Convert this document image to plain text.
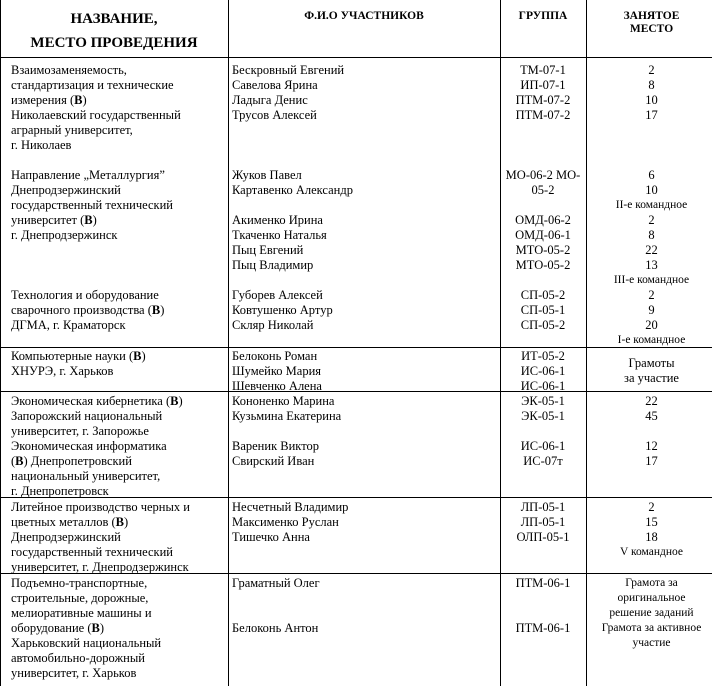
НАЗВАНИЕ,
МЕСТО ПРОВЕДЕНИЯ
Ф.И.О УЧАСТНИКОВ	ГРУППА	ЗАНЯТОЕ
МЕСТО
Взаимозаменяемость,
стандартизация и технические
измерения (В)
Николаевский государственный
аграрный университет,
г. Николаев
Направление „Металлургия”
Днепродзержинский
государственный технический
университет (В)
г. Днепродзержинск
Технология и оборудование
сварочного производства (В)
ДГМА, г. Краматорск
Бескровный Евгений
Савелова Ярина
Ладыга Денис
Трусов Алексей
Жуков Павел
Картавенко Александр
Акименко Ирина
Ткаченко Наталья
Пыц Евгений
Пыц Владимир
Губорев Алексей
Ковтушенко Артур
Скляр Николай
ТМ-07-1
ИП-07-1
ПТМ-07-2
ПТМ-07-2
МО-06-2 МО-
05-2
ОМД-06-2
ОМД-06-1
МТО-05-2
МТО-05-2
СП-05-2
СП-05-1
СП-05-2
2
8
10
17
6
10
II-е командное
2
8
22
13
III-е командное
2
9
20
I-е командное
Компьютерные науки (В)
ХНУРЭ, г. Харьков
Белоконь Роман
Шумейко Мария
Шевченко Алена
ИТ-05-2
ИС-06-1
ИС-06-1
Грамоты
за участие
Экономическая кибернетика (В)
Запорожский национальный
университет, г. Запорожье
Экономическая информатика
(В) Днепропетровский
национальный университет,
г. Днепропетровск
Кононенко Марина
Кузьмина Екатерина
Вареник Виктор
Свирский Иван
ЭК-05-1
ЭК-05-1
ИС-06-1
ИС-07т
22
45
12
17
Литейное производство черных и
цветных металлов (В)
Днепродзержинский
государственный технический
университет, г. Днепродзержинск
Несчетный Владимир
Максименко Руслан
Тишечко Анна
ЛП-05-1
ЛП-05-1
ОЛП-05-1
2
15
18
V командное
Подъемно-транспортные,
строительные, дорожные,
мелиоративные машины и
оборудование (В)
Харьковский национальный
автомобильно-дорожный
университет, г. Харьков
Граматный Олег
Белоконь Антон
ПТМ-06-1
ПТМ-06-1
Грамота за
оригинальное
решение заданий
Грамота за активное
участие
